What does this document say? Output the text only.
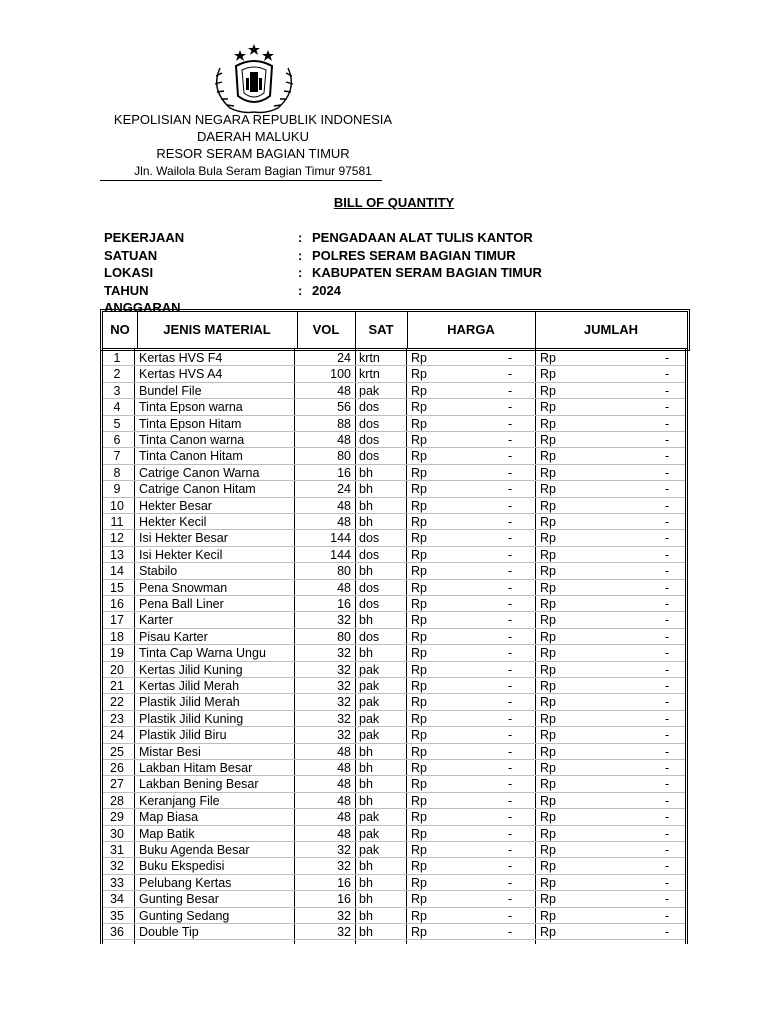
KEPOLISIAN NEGARA REPUBLIK INDONESIA
DAERAH MALUKU
RESOR SERAM BAGIAN TIMUR
Jln. Wailola Bula Seram Bagian Timur 97581
BILL OF QUANTITY
PEKERJAAN	: PENGADAAN ALAT TULIS KANTOR
SATUAN	: POLRES SERAM BAGIAN TIMUR
LOKASI	: KABUPATEN SERAM BAGIAN TIMUR
TAHUN ANGGARAN
: 2024
NO	JENIS MATERIAL	VOL	SAT	HARGA	JUMLAH
1	Kertas HVS F4	24 krtn Rp	- Rp	-
2	Kertas HVS A4	100 krtn Rp	- Rp	-
3	Bundel File	48 pak	Rp	- Rp	-
4	Tinta Epson warna	56 dos	Rp	- Rp	-
5	Tinta Epson Hitam	88 dos	Rp	- Rp	-
6	Tinta Canon warna	48 dos	Rp	- Rp	-
7	Tinta Canon Hitam	80 dos	Rp	- Rp	-
8	Catrige Canon Warna	16 bh	Rp	- Rp	-
9	Catrige Canon Hitam	24 bh	Rp	- Rp	-
10	Hekter Besar	48 bh	Rp	- Rp	-
11	Hekter Kecil	48 bh	Rp	- Rp	-
12	Isi Hekter Besar	144 dos	Rp	- Rp	-
13	Isi Hekter Kecil	144 dos	Rp	- Rp	-
14	Stabilo	80 bh	Rp	- Rp	-
15	Pena Snowman	48 dos	Rp	- Rp	-
16	Pena Ball Liner	16 dos	Rp	- Rp	-
17	Karter	32 bh	Rp	- Rp	-
18	Pisau Karter	80 dos	Rp	- Rp	-
19	Tinta Cap Warna Ungu	32 bh	Rp	- Rp	-
20	Kertas Jilid Kuning	32 pak	Rp	- Rp	-
21	Kertas Jilid Merah	32 pak	Rp	- Rp	-
22	Plastik Jilid Merah	32 pak	Rp	- Rp	-
23	Plastik Jilid Kuning	32 pak	Rp	- Rp	-
24	Plastik Jilid Biru	32 pak	Rp	- Rp	-
25	Mistar Besi	48 bh	Rp	- Rp	-
26	Lakban Hitam Besar	48 bh	Rp	- Rp	-
27	Lakban Bening Besar	48 bh	Rp	- Rp	-
28	Keranjang File	48 bh	Rp	- Rp	-
29	Map Biasa	48 pak	Rp	- Rp	-
30	Map Batik	48 pak	Rp	- Rp	-
31	Buku Agenda Besar	32 pak	Rp	- Rp	-
32	Buku Ekspedisi	32 bh	Rp	- Rp	-
33	Pelubang Kertas	16 bh	Rp	- Rp	-
34	Gunting Besar	16 bh	Rp	- Rp	-
35	Gunting Sedang	32 bh	Rp	- Rp	-
36	Double Tip	32 bh	Rp	- Rp	-
